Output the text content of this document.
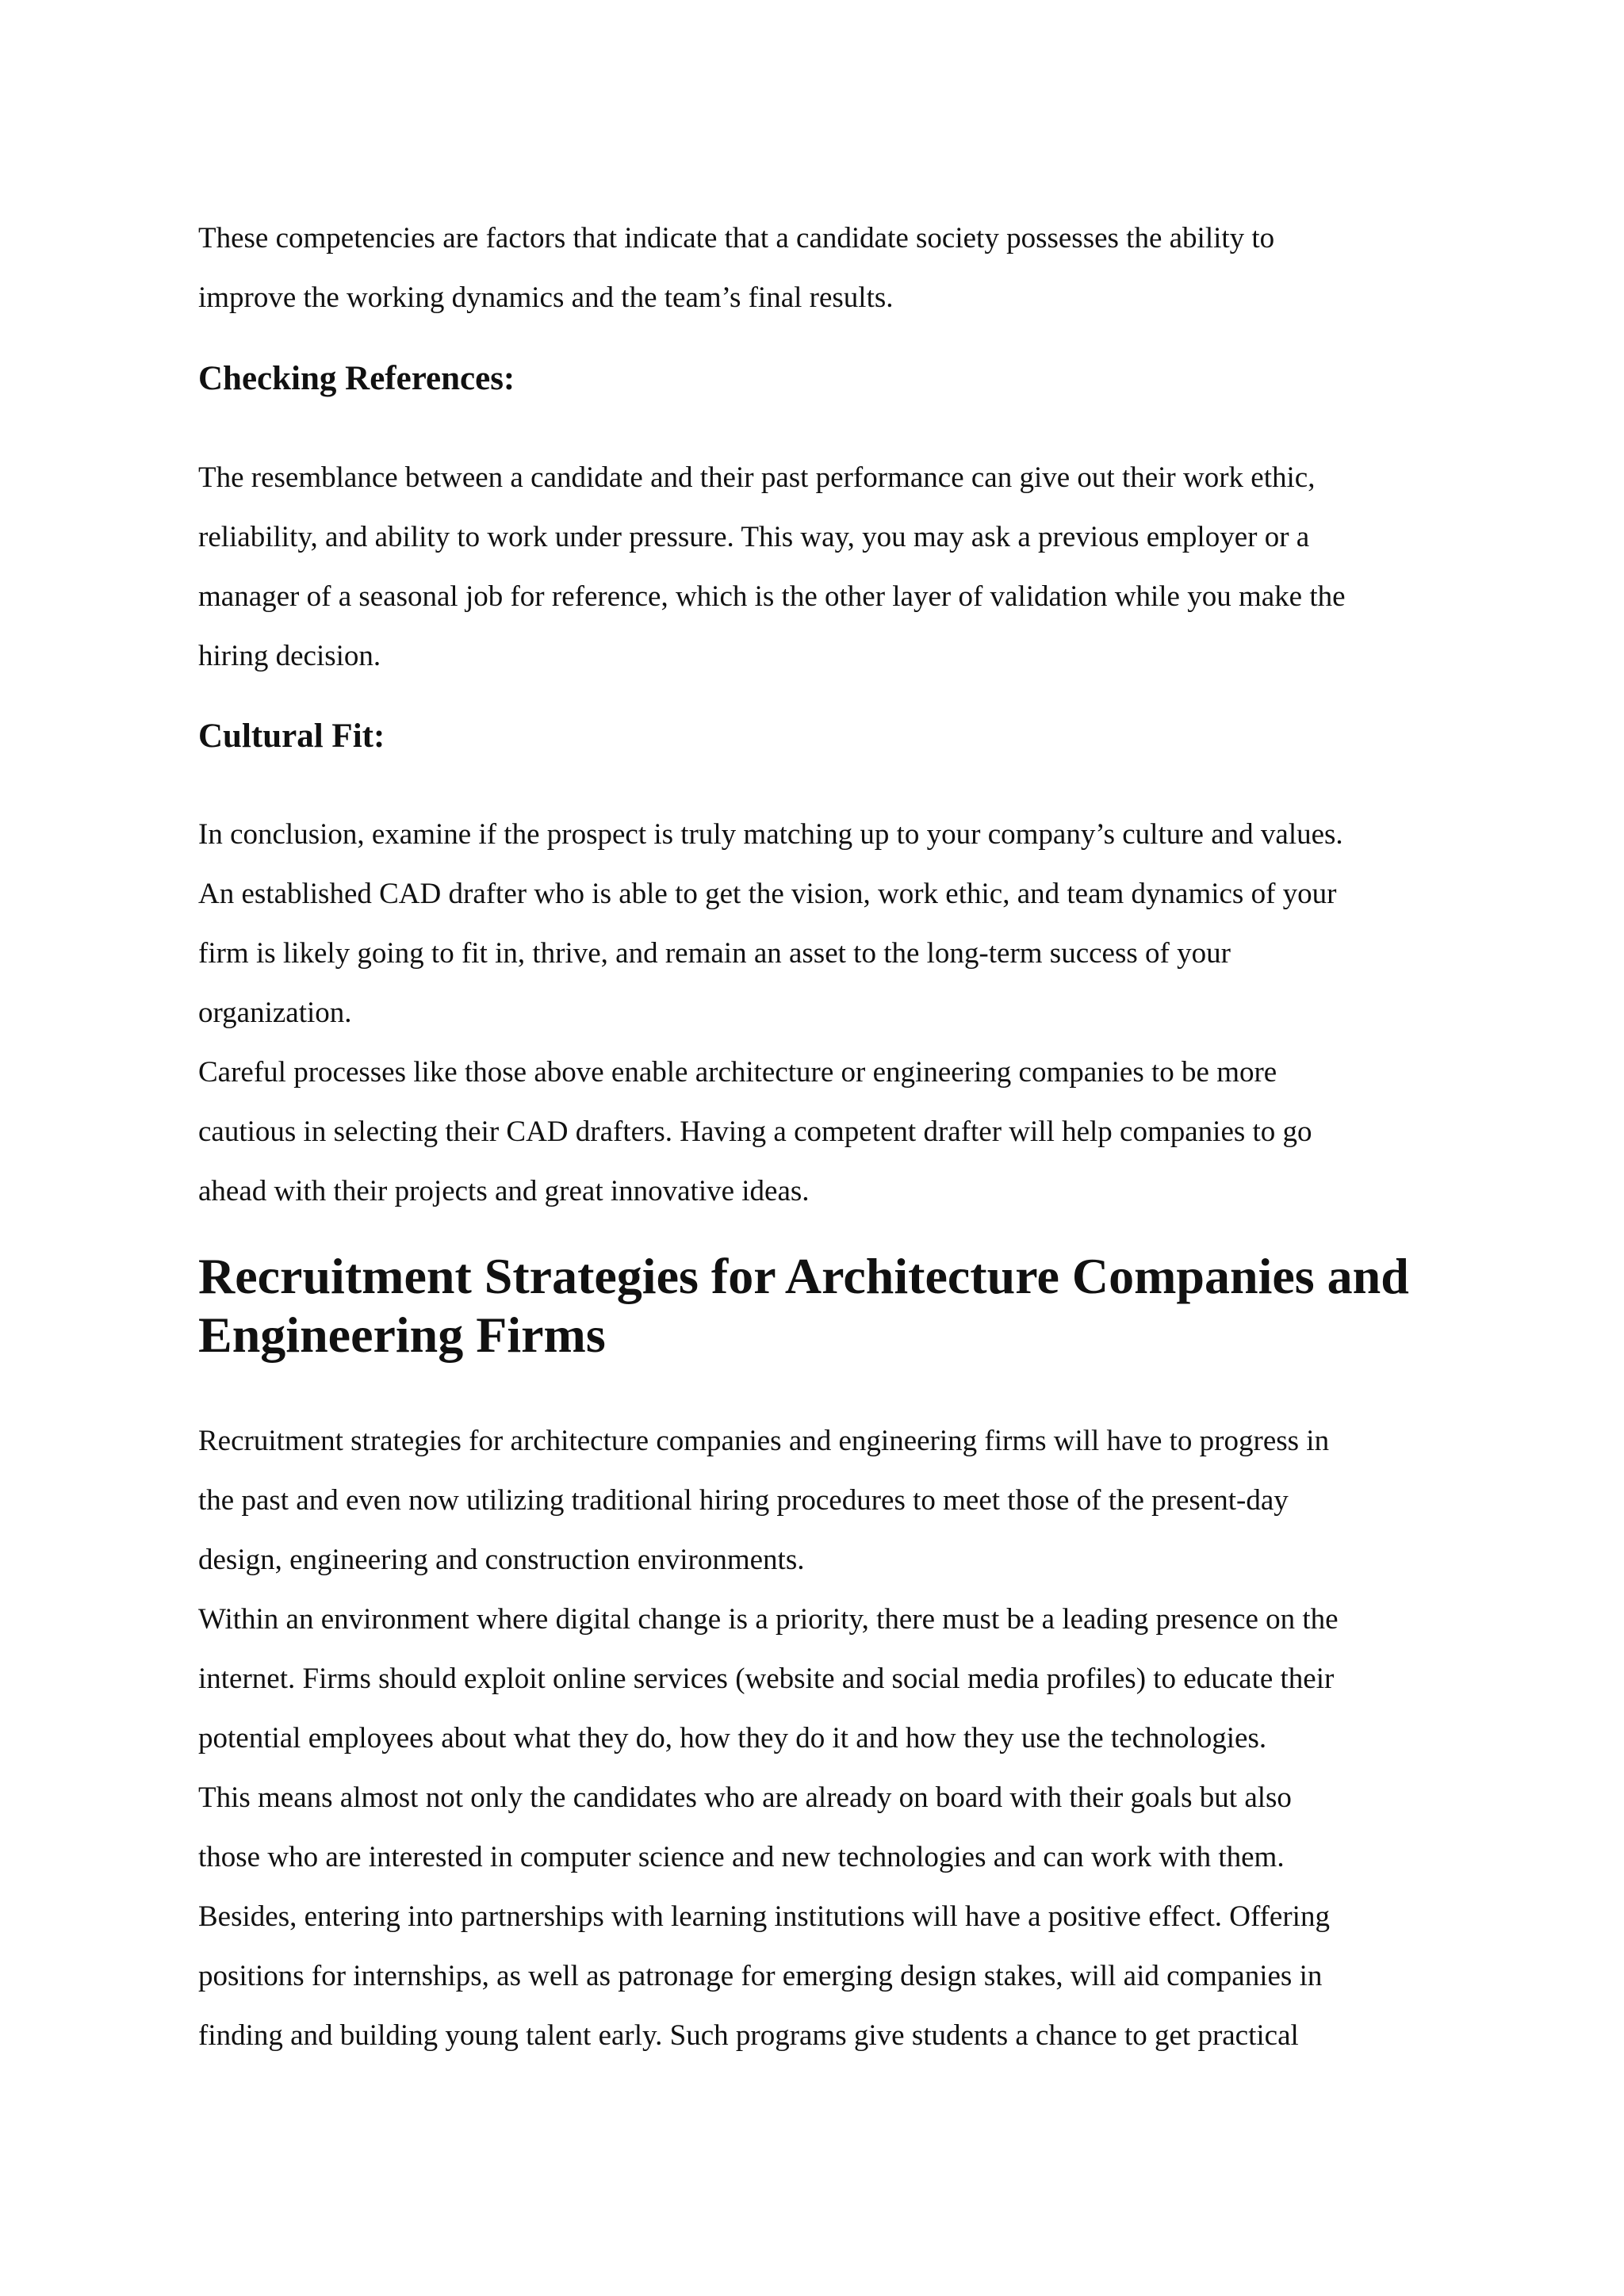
These competencies are factors that indicate that a candidate society possesses the ability to
improve the working dynamics and the team’s final results.
Checking References:
The resemblance between a candidate and their past performance can give out their work ethic,
reliability, and ability to work under pressure. This way, you may ask a previous employer or a
manager of a seasonal job for reference, which is the other layer of validation while you make the
hiring decision.
Cultural Fit:
In conclusion, examine if the prospect is truly matching up to your company’s culture and values.
An established CAD drafter who is able to get the vision, work ethic, and team dynamics of your
firm is likely going to fit in, thrive, and remain an asset to the long-term success of your
organization.
Careful processes like those above enable architecture or engineering companies to be more
cautious in selecting their CAD drafters. Having a competent drafter will help companies to go
ahead with their projects and great innovative ideas.
Recruitment Strategies for Architecture Companies and
Engineering Firms
Recruitment strategies for architecture companies and engineering firms will have to progress in
the past and even now utilizing traditional hiring procedures to meet those of the present-day
design, engineering and construction environments.
Within an environment where digital change is a priority, there must be a leading presence on the
internet. Firms should exploit online services (website and social media profiles) to educate their
potential employees about what they do, how they do it and how they use the technologies.
This means almost not only the candidates who are already on board with their goals but also
those who are interested in computer science and new technologies and can work with them.
Besides, entering into partnerships with learning institutions will have a positive effect. Offering
positions for internships, as well as patronage for emerging design stakes, will aid companies in
finding and building young talent early. Such programs give students a chance to get practical
